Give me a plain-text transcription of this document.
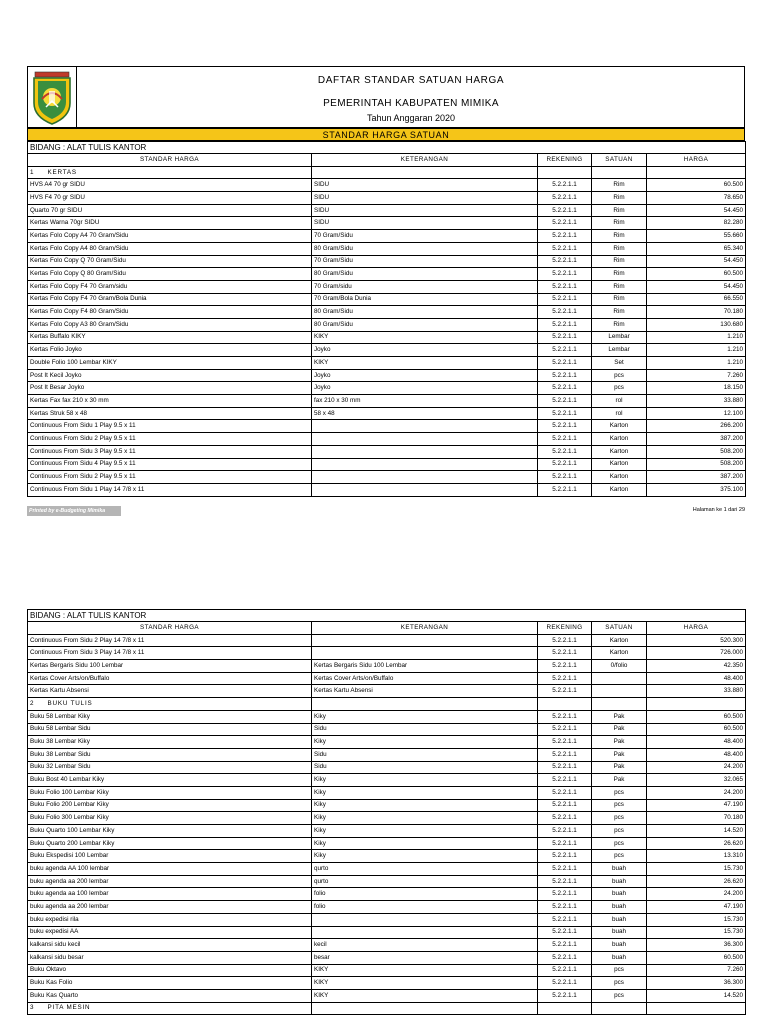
DAFTAR STANDAR SATUAN HARGA
PEMERINTAH KABUPATEN MIMIKA
Tahun Anggaran 2020
STANDAR HARGA SATUAN
BIDANG : ALAT TULIS KANTOR				
STANDAR HARGA	KETERANGAN	REKENING	SATUAN	HARGA
1 KERTAS				
HVS A4 70 gr SIDU	SIDU	5.2.2.1.1	Rim	60.500
HVS F4 70 gr SIDU	SIDU	5.2.2.1.1	Rim	78.650
Quarto 70 gr SIDU	SIDU	5.2.2.1.1	Rim	54.450
Kertas Warna 70gr SIDU	SIDU	5.2.2.1.1	Rim	82.280
Kertas Folo Copy A4 70 Gram/Sidu	70 Gram/Sidu	5.2.2.1.1	Rim	55.660
Kertas Folo Copy A4 80 Gram/Sidu	80 Gram/Sidu	5.2.2.1.1	Rim	65.340
Kertas Folo Copy Q 70 Gram/Sidu	70 Gram/Sidu	5.2.2.1.1	Rim	54.450
Kertas Folo Copy Q 80 Gram/Sidu	80 Gram/Sidu	5.2.2.1.1	Rim	60.500
Kertas Folo Copy F4 70 Gram/sidu	70 Gram/sidu	5.2.2.1.1	Rim	54.450
Kertas Folo Copy F4 70 Gram/Bola Dunia	70 Gram/Bola Dunia	5.2.2.1.1	Rim	66.550
Kertas Folo Copy F4 80 Gram/Sidu	80 Gram/Sidu	5.2.2.1.1	Rim	70.180
Kertas Folo Copy A3 80 Gram/Sidu	80 Gram/Sidu	5.2.2.1.1	Rim	130.680
Kertas Buffalo KIKY	KIKY	5.2.2.1.1	Lembar	1.210
Kertas Folio Joyko	Joyko	5.2.2.1.1	Lembar	1.210
Double Folio 100 Lembar KIKY	KIKY	5.2.2.1.1	Set	1.210
Post It Kecil Joyko	Joyko	5.2.2.1.1	pcs	7.260
Post It Besar Joyko	Joyko	5.2.2.1.1	pcs	18.150
Kertas Fax fax 210 x 30 mm	fax 210 x 30 mm	5.2.2.1.1	rol	33.880
Kertas Struk 58 x 48	58 x 48	5.2.2.1.1	rol	12.100
Continuous From Sidu 1 Play 9.5 x 11		5.2.2.1.1	Karton	266.200
Continuous From Sidu 2 Play 9.5 x 11		5.2.2.1.1	Karton	387.200
Continuous From Sidu 3 Play 9.5 x 11		5.2.2.1.1	Karton	508.200
Continuous From Sidu 4 Play 9.5 x 11		5.2.2.1.1	Karton	508.200
Continuous From Sidu 2 Play 9.5 x 11		5.2.2.1.1	Karton	387.200
Continuous From Sidu 1 Play 14 7/8 x 11		5.2.2.1.1	Karton	375.100
Printed by e-Budgeting Mimika	Halaman ke 1 dari 29
BIDANG : ALAT TULIS KANTOR				
STANDAR HARGA	KETERANGAN	REKENING	SATUAN	HARGA
Continuous From Sidu 2 Play 14 7/8 x 11		5.2.2.1.1	Karton	520.300
Continuous From Sidu 3 Play 14 7/8 x 11		5.2.2.1.1	Karton	726.000
Kertas Bergaris Sidu 100 Lembar	Kertas Bergaris Sidu 100 Lembar	5.2.2.1.1	0/folio	42.350
Kertas Cover Arts/on/Buffalo	Kertas Cover Arts/on/Buffalo	5.2.2.1.1		48.400
Kertas Kartu Absensi	Kertas Kartu Absensi	5.2.2.1.1		33.880
2 BUKU TULIS				
Buku 58 Lembar Kiky	Kiky	5.2.2.1.1	Pak	60.500
Buku 58 Lembar Sidu	Sidu	5.2.2.1.1	Pak	60.500
Buku 38 Lembar Kiky	Kiky	5.2.2.1.1	Pak	48.400
Buku 38 Lembar Sidu	Sidu	5.2.2.1.1	Pak	48.400
Buku 32 Lembar Sidu	Sidu	5.2.2.1.1	Pak	24.200
Buku Bost 40 Lembar Kiky	Kiky	5.2.2.1.1	Pak	32.065
Buku Folio 100 Lembar Kiky	Kiky	5.2.2.1.1	pcs	24.200
Buku Folio 200 Lembar Kiky	Kiky	5.2.2.1.1	pcs	47.190
Buku Folio 300 Lembar Kiky	Kiky	5.2.2.1.1	pcs	70.180
Buku Quarto 100 Lembar Kiky	Kiky	5.2.2.1.1	pcs	14.520
Buku Quarto 200 Lembar Kiky	Kiky	5.2.2.1.1	pcs	26.620
Buku Ekspedisi 100 Lembar	Kiky	5.2.2.1.1	pcs	13.310
buku agenda AA 100 lembar	qurto	5.2.2.1.1	buah	15.730
buku agenda aa 200 lembar	qurto	5.2.2.1.1	buah	26.620
buku agenda aa 100 lembar	folio	5.2.2.1.1	buah	24.200
buku agenda aa 200 lembar	folio	5.2.2.1.1	buah	47.190
buku expedisi rila		5.2.2.1.1	buah	15.730
buku expedisi AA		5.2.2.1.1	buah	15.730
kalkansi sidu kecil	kecil	5.2.2.1.1	buah	36.300
kalkansi sidu besar	besar	5.2.2.1.1	buah	60.500
Buku Oktavo	KIKY	5.2.2.1.1	pcs	7.260
Buku Kas Folio	KIKY	5.2.2.1.1	pcs	36.300
Buku Kas Quarto	KIKY	5.2.2.1.1	pcs	14.520
3 PITA MESIN				
